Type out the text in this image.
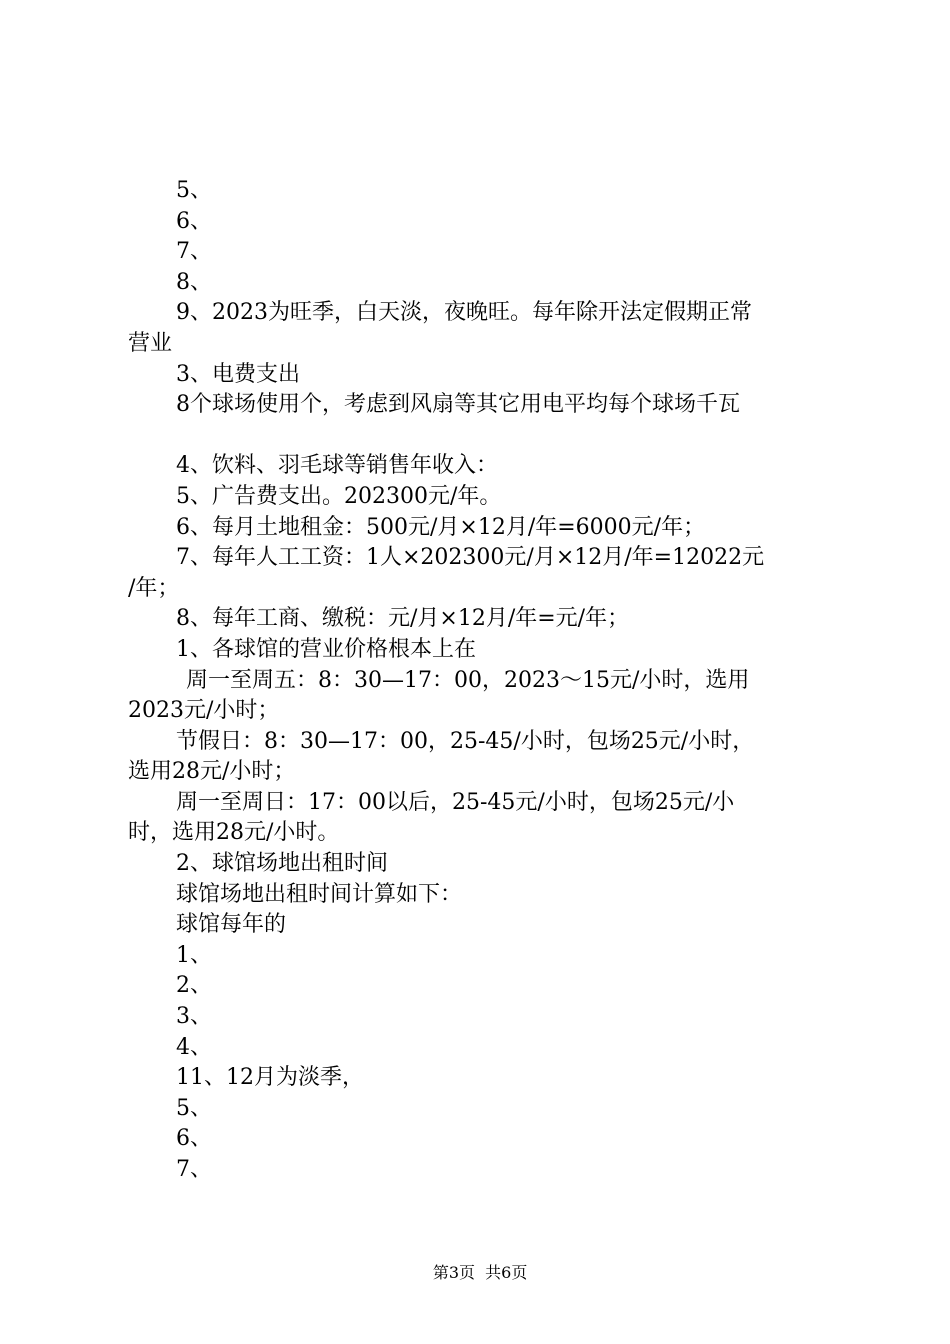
5、
6、
7、
8、
9、2023为旺季，白天淡，夜晚旺。每年除开法定假期正常
营业
3、电费支出
8个球场使用个，考虑到风扇等其它用电平均每个球场千瓦
4、饮料、羽毛球等销售年收入：
5、广告费支出。202300元/年。
6、每月土地租金：500元/月×12月/年=6000元/年；
7、每年人工工资：1人×202300元/月×12月/年=12022元
/年；
8、每年工商、缴税：元/月×12月/年=元/年；
1、各球馆的营业价格根本上在
周一至周五：8：30—17：00，2023～15元/小时，选用
2023元/小时；
节假日：8：30—17：00，25-45/小时，包场25元/小时，
选用28元/小时；
周一至周日：17：00以后，25-45元/小时，包场25元/小
时，选用28元/小时。
2、球馆场地出租时间
球馆场地出租时间计算如下：
球馆每年的
1、
2、
3、
4、
11、12月为淡季，
5、
6、
7、

第3页  共6页
